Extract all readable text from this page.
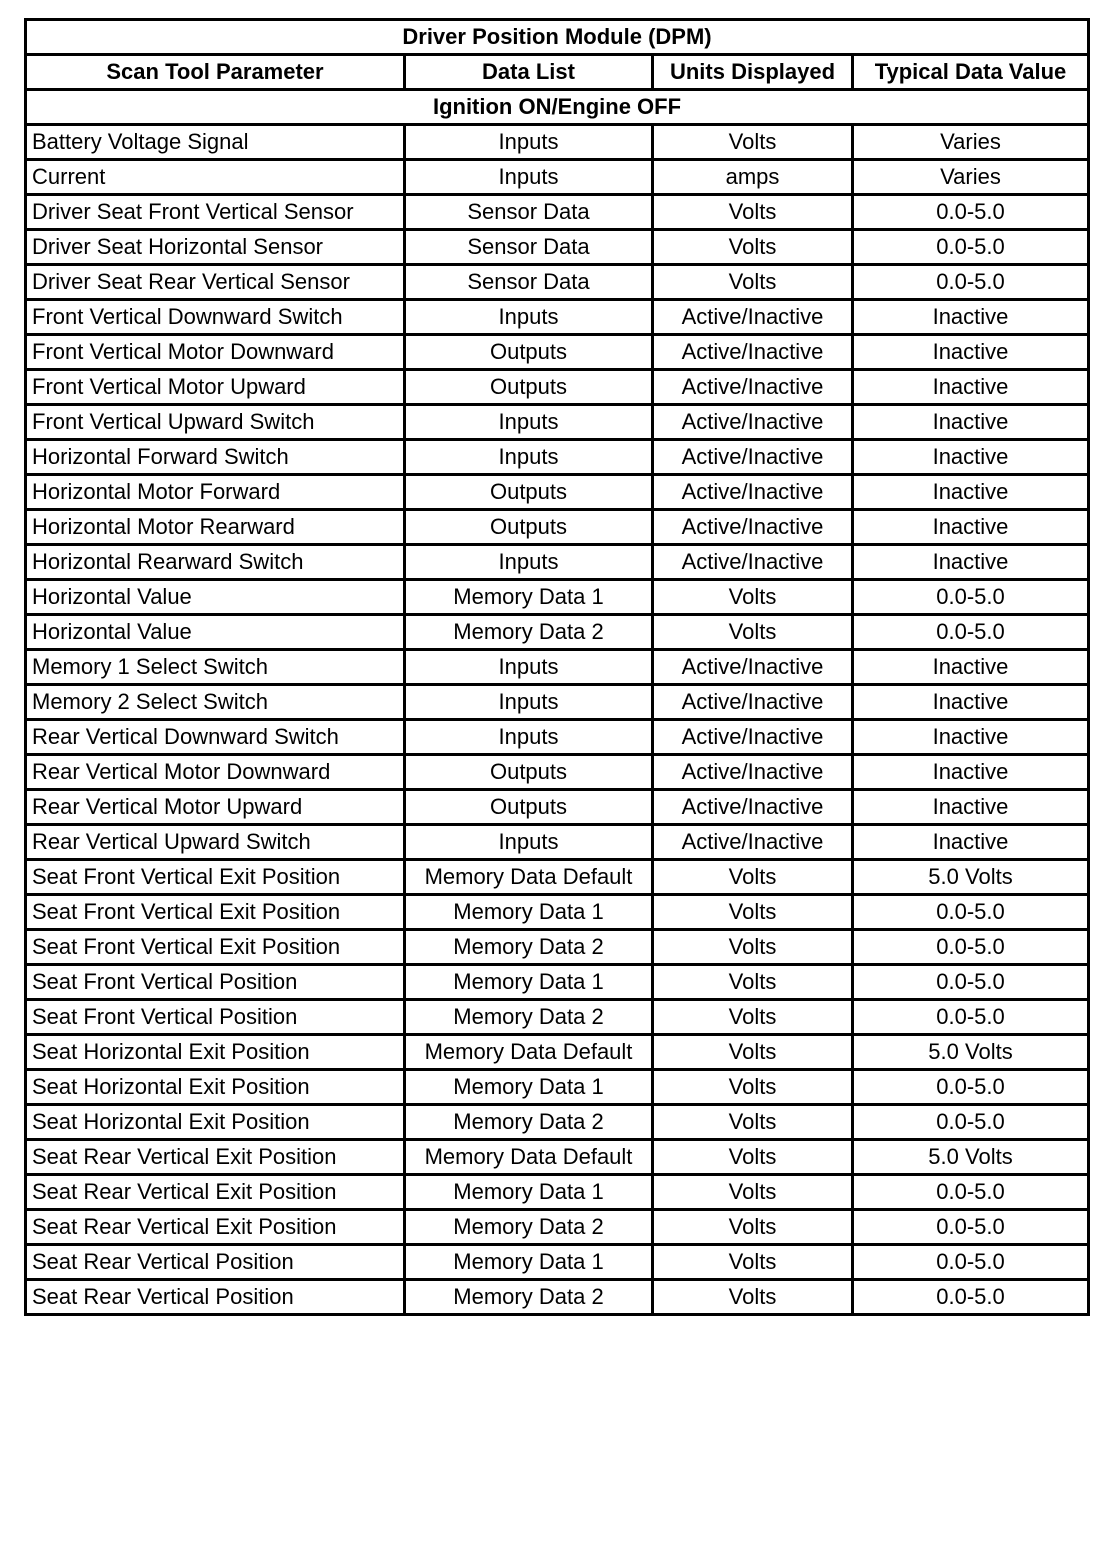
Driver Position Module (DPM)			
Scan Tool Parameter	Data List	Units Displayed	Typical Data Value
Ignition ON/Engine OFF			
Battery Voltage Signal	Inputs	Volts	Varies
Current	Inputs	amps	Varies
Driver Seat Front Vertical Sensor	Sensor Data	Volts	0.0-5.0
Driver Seat Horizontal Sensor	Sensor Data	Volts	0.0-5.0
Driver Seat Rear Vertical Sensor	Sensor Data	Volts	0.0-5.0
Front Vertical Downward Switch	Inputs	Active/Inactive	Inactive
Front Vertical Motor Downward	Outputs	Active/Inactive	Inactive
Front Vertical Motor Upward	Outputs	Active/Inactive	Inactive
Front Vertical Upward Switch	Inputs	Active/Inactive	Inactive
Horizontal Forward Switch	Inputs	Active/Inactive	Inactive
Horizontal Motor Forward	Outputs	Active/Inactive	Inactive
Horizontal Motor Rearward	Outputs	Active/Inactive	Inactive
Horizontal Rearward Switch	Inputs	Active/Inactive	Inactive
Horizontal Value	Memory Data 1	Volts	0.0-5.0
Horizontal Value	Memory Data 2	Volts	0.0-5.0
Memory 1 Select Switch	Inputs	Active/Inactive	Inactive
Memory 2 Select Switch	Inputs	Active/Inactive	Inactive
Rear Vertical Downward Switch	Inputs	Active/Inactive	Inactive
Rear Vertical Motor Downward	Outputs	Active/Inactive	Inactive
Rear Vertical Motor Upward	Outputs	Active/Inactive	Inactive
Rear Vertical Upward Switch	Inputs	Active/Inactive	Inactive
Seat Front Vertical Exit Position	Memory Data Default	Volts	5.0 Volts
Seat Front Vertical Exit Position	Memory Data 1	Volts	0.0-5.0
Seat Front Vertical Exit Position	Memory Data 2	Volts	0.0-5.0
Seat Front Vertical Position	Memory Data 1	Volts	0.0-5.0
Seat Front Vertical Position	Memory Data 2	Volts	0.0-5.0
Seat Horizontal Exit Position	Memory Data Default	Volts	5.0 Volts
Seat Horizontal Exit Position	Memory Data 1	Volts	0.0-5.0
Seat Horizontal Exit Position	Memory Data 2	Volts	0.0-5.0
Seat Rear Vertical Exit Position	Memory Data Default	Volts	5.0 Volts
Seat Rear Vertical Exit Position	Memory Data 1	Volts	0.0-5.0
Seat Rear Vertical Exit Position	Memory Data 2	Volts	0.0-5.0
Seat Rear Vertical Position	Memory Data 1	Volts	0.0-5.0
Seat Rear Vertical Position	Memory Data 2	Volts	0.0-5.0
